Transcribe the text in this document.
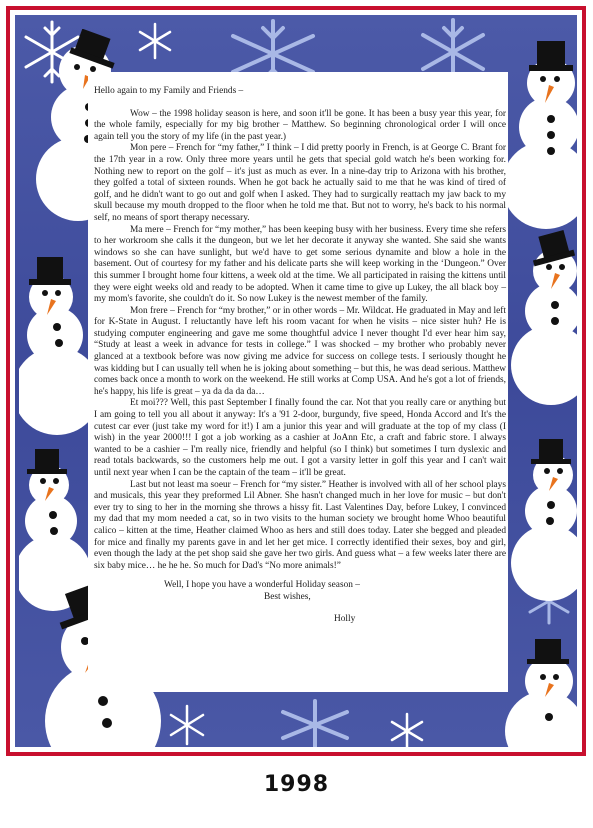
Hello again to my Family and Friends –

Wow – the 1998 holiday season is here, and soon it'll be gone. It has been a busy year this year, for the whole family, especially for my big brother – Matthew. So beginning chronological order I will once again tell you the story of my life (in the past year.)

Mon pere – French for “my father,” I think – I did pretty poorly in French, is at George C. Brant for the 17th year in a row. Only three more years until he gets that special gold watch he's been working for. Nothing new to report on the golf – it's just as much as ever. In a nine-day trip to Arizona with his brother, they golfed a total of sixteen rounds. When he got back he actually said to me that he was kind of tired of golf, and he didn't want to go out and golf when I asked. They had to surgically reattach my jaw back to my skull because my mouth dropped to the floor when he told me that. But not to worry, he's back to his normal self, no means of sport therapy necessary.

Ma mere – French for “my mother,” has been keeping busy with her business. Every time she refers to her workroom she calls it the dungeon, but we let her decorate it anyway she wanted. She said she wants windows so she can have sunlight, but we'd have to get some serious dynamite and blow a hole in the basement. Out of courtesy for my father and his delicate parts she will keep working in the ‘Dungeon.” Over this summer I brought home four kittens, a week old at the time. We all participated in raising the kittens until they were eight weeks old and ready to be adopted. When it came time to give up Lukey, the all black boy – my mom's favorite, she couldn't do it. So now Lukey is the newest member of the family.

Mon frere – French for “my brother,” or in other words – Mr. Wildcat. He graduated in May and left for K-State in August. I reluctantly have left his room vacant for when he visits – nice sister huh? He is studying computer engineering and gave me some thoughtful advice I never thought I'd ever hear him say, “Study at least a week in advance for tests in college.” I was shocked – my brother who probably never glanced at a textbook before was now giving me advice for success on college tests. I seriously thought he was kidding but I can usually tell when he is joking about something – but this, he was dead serious. Matthew comes back once a month to work on the weekend. He still works at Comp USA. And he's got a lot of friends, he's happy, his life is great – ya da da da da…

Et moi??? Well, this past September I finally found the car. Not that you really care or anything but I am going to tell you all about it anyway: It's a '91 2-door, burgundy, five speed, Honda Accord and It's the cutest car ever (just take my word for it!) I am a junior this year and will graduate at the top of my class (I wish) in the year 2000!!! I got a job working as a cashier at JoAnn Etc, a craft and fabric store. I always wanted to be a cashier – I'm really nice, friendly and helpful (so I think) but sometimes I turn dyslexic and read totals backwards, so the customers help me out. I got a varsity letter in golf this year and I can't wait until next year when I can be the captain of the team – it'll be great.

Last but not least ma soeur – French for “my sister.” Heather is involved with all of her school plays and musicals, this year they preformed Lil Abner. She hasn't changed much in her love for music – but don't ever try to sing to her in the morning she throws a hissy fit. Last Valentines Day, before Lukey, I convinced my dad that my mom needed a cat, so in two visits to the human society we brought home Whoo beautiful calico – kitten at the time, Heather claimed Whoo as hers and still does today. Later she begged and pleaded for mice and finally my parents gave in and let her get mice. I correctly identified their sexes, boy and girl, even though the lady at the pet shop said she gave her two girls. And guess what – a few weeks later there are six baby mice… he he he. So much for Dad's “No more animals!”

Well, I hope you have a wonderful Holiday season –

Best wishes,

Holly

1998
